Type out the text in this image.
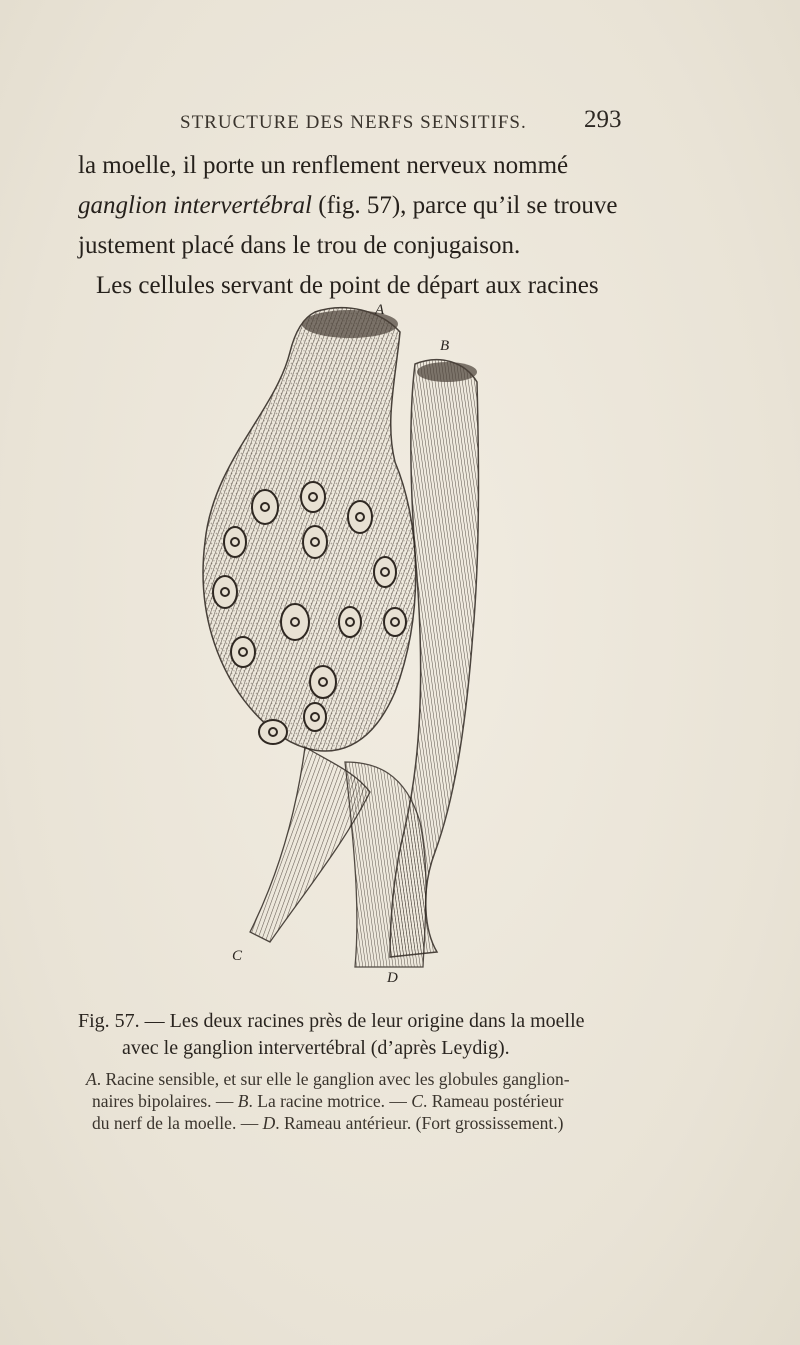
STRUCTURE DES NERFS SENSITIFS.	293

la moelle, il porte un renflement nerveux nommé

ganglion intervertébral (fig. 57), parce qu’il se trouve

justement placé dans le trou de conjugaison.

Les cellules servant de point de départ aux racines

A
B
C
D
Fig. 57. — Les deux racines près de leur origine dans la moelle
avec le ganglion intervertébral (d’après Leydig).
A. Racine sensible, et sur elle le ganglion avec les globules ganglion-
naires bipolaires. — B. La racine motrice. — C. Rameau postérieur
du nerf de la moelle. — D. Rameau antérieur. (Fort grossissement.)
